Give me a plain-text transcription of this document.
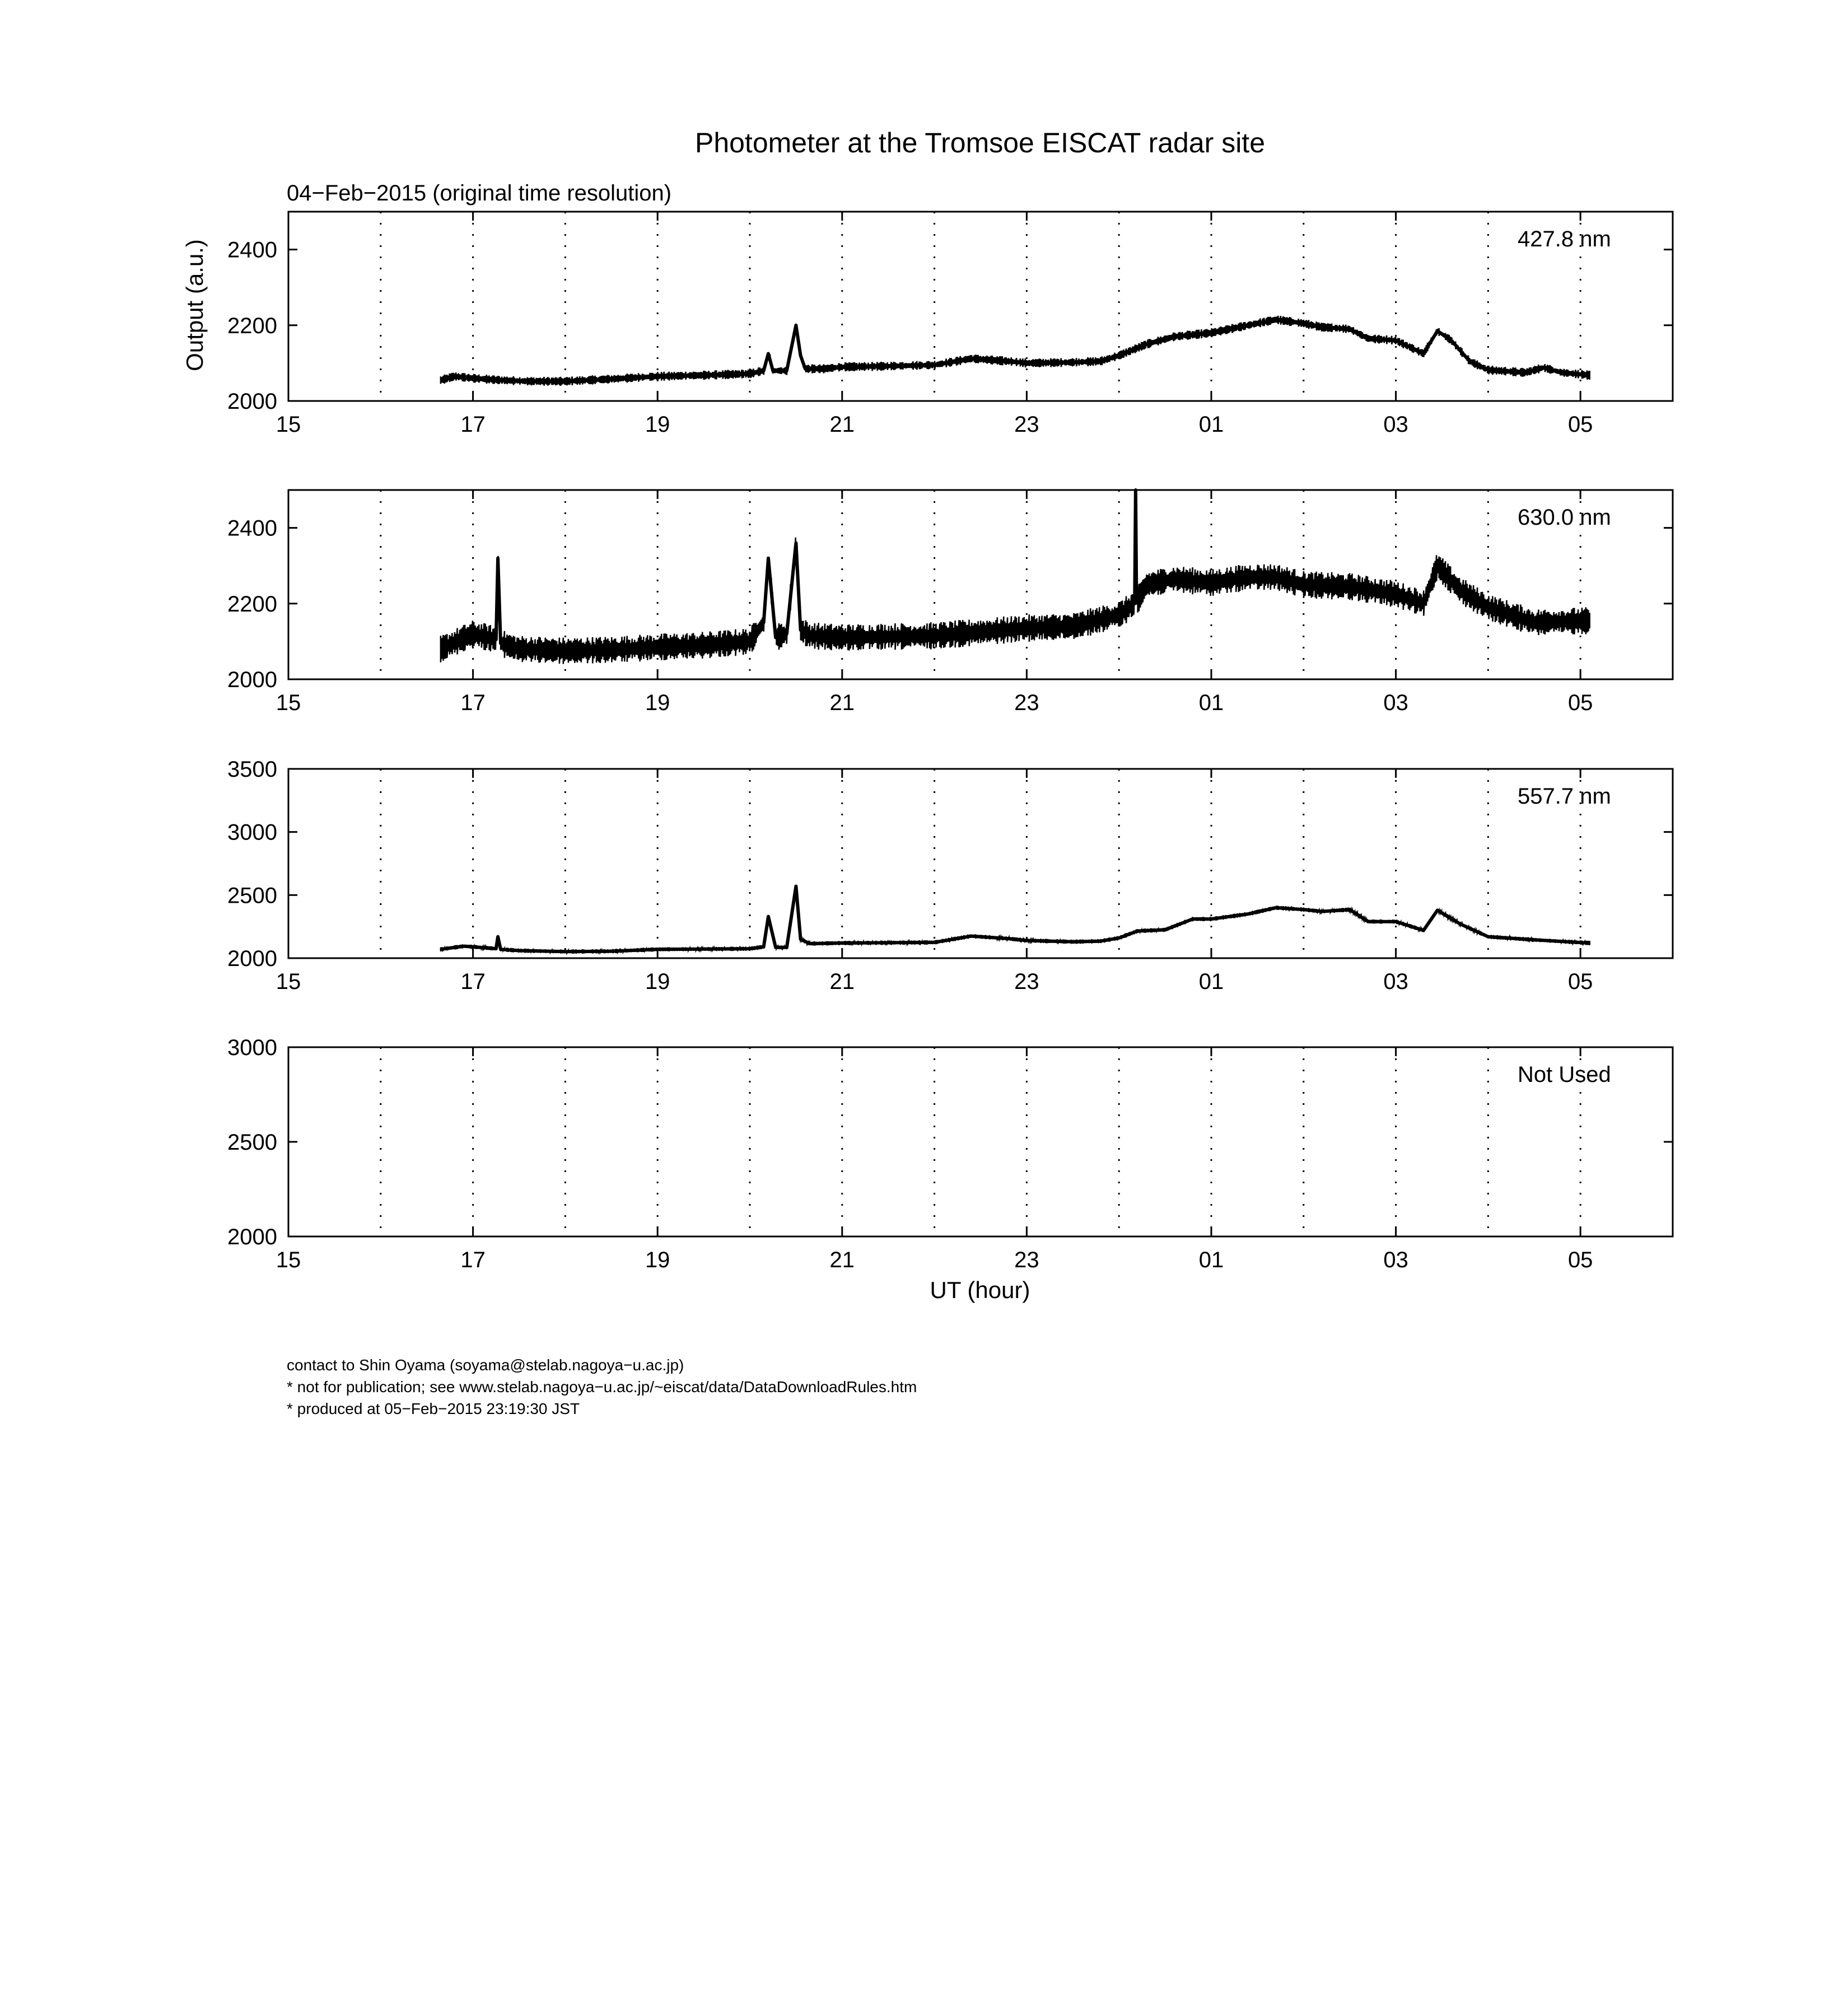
Photometer at the Tromsoe EISCAT radar site
04−Feb−2015 (original time resolution)
Output (a.u.)
UT (hour)
contact to Shin Oyama (soyama@stelab.nagoya−u.ac.jp)
* not for publication; see www.stelab.nagoya−u.ac.jp/~eiscat/data/DataDownloadRules.htm
* produced at 05−Feb−2015 23:19:30 JST
15	17	19	21	23	01	03	05
2000
2200
2400	427.8 nm
15	17	19	21	23	01	03	05
2000
2200
2400	630.0 nm
15	17	19	21	23	01	03	05
2000
2500
3000
3500
557.7 nm
15	17	19	21	23	01	03	05
2000
2500
3000
Not Used
